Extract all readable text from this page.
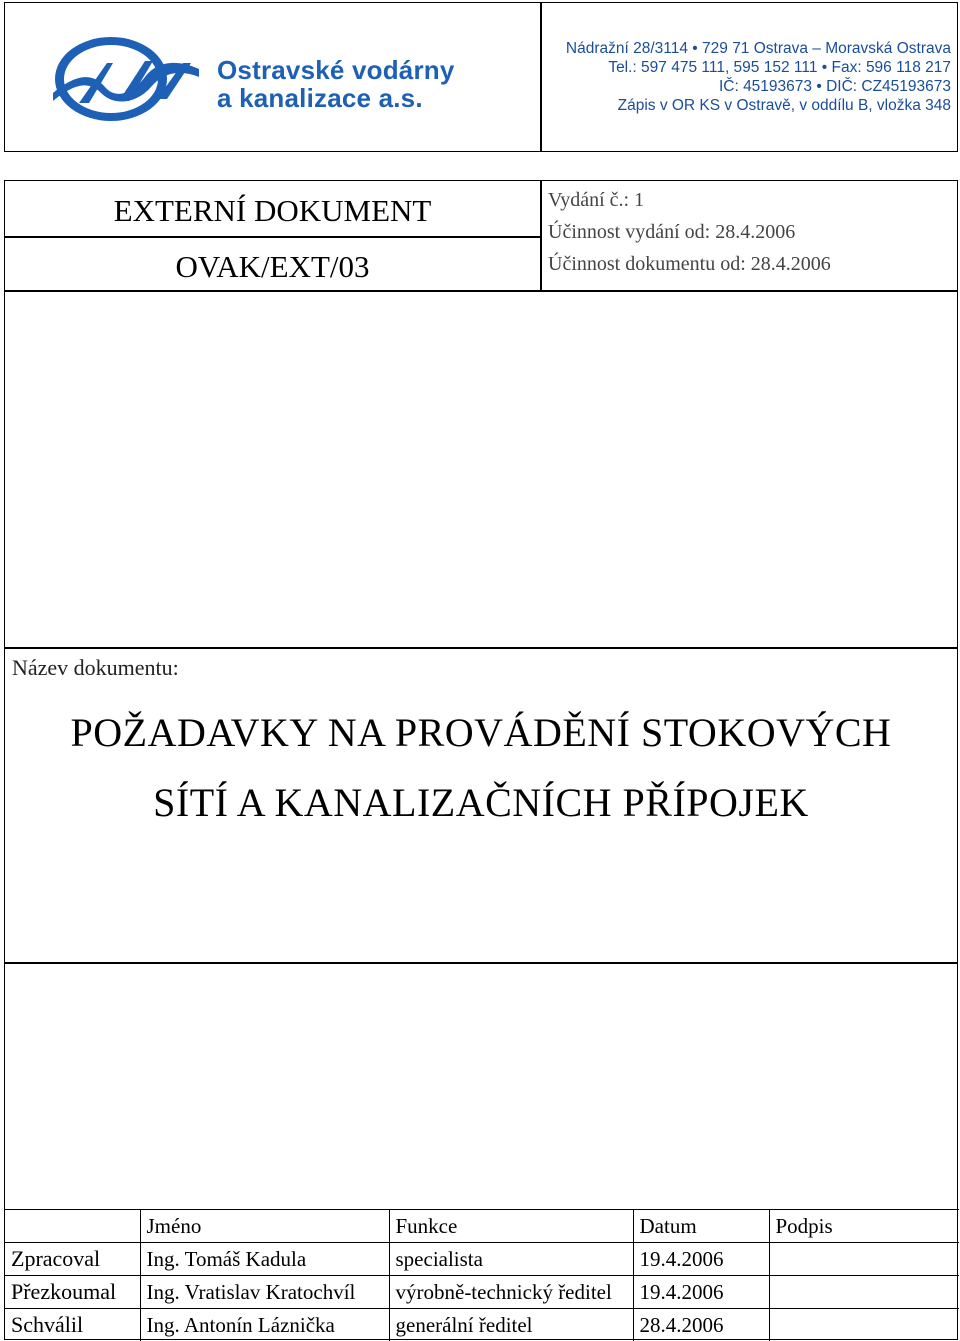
Ostravské vodárny
a kanalizace a.s.
Nádražní 28/3114 • 729 71 Ostrava – Moravská Ostrava
Tel.: 597 475 111, 595 152 111 • Fax: 596 118 217
IČ: 45193673 • DIČ: CZ45193673
Zápis v OR KS v Ostravě, v oddílu B, vložka 348
EXTERNÍ DOKUMENT
OVAK/EXT/03
Vydání č.: 1
Účinnost vydání od: 28.4.2006
Účinnost dokumentu od: 28.4.2006
Název dokumentu:
POŽADAVKY NA PROVÁDĚNÍ STOKOVÝCH
SÍTÍ A KANALIZAČNÍCH PŘÍPOJEK
	Jméno	Funkce	Datum	Podpis
Zpracoval	Ing. Tomáš Kadula	specialista	19.4.2006	
Přezkoumal	Ing. Vratislav Kratochvíl	výrobně-technický ředitel	19.4.2006	
Schválil	Ing. Antonín Láznička	generální ředitel	28.4.2006	
